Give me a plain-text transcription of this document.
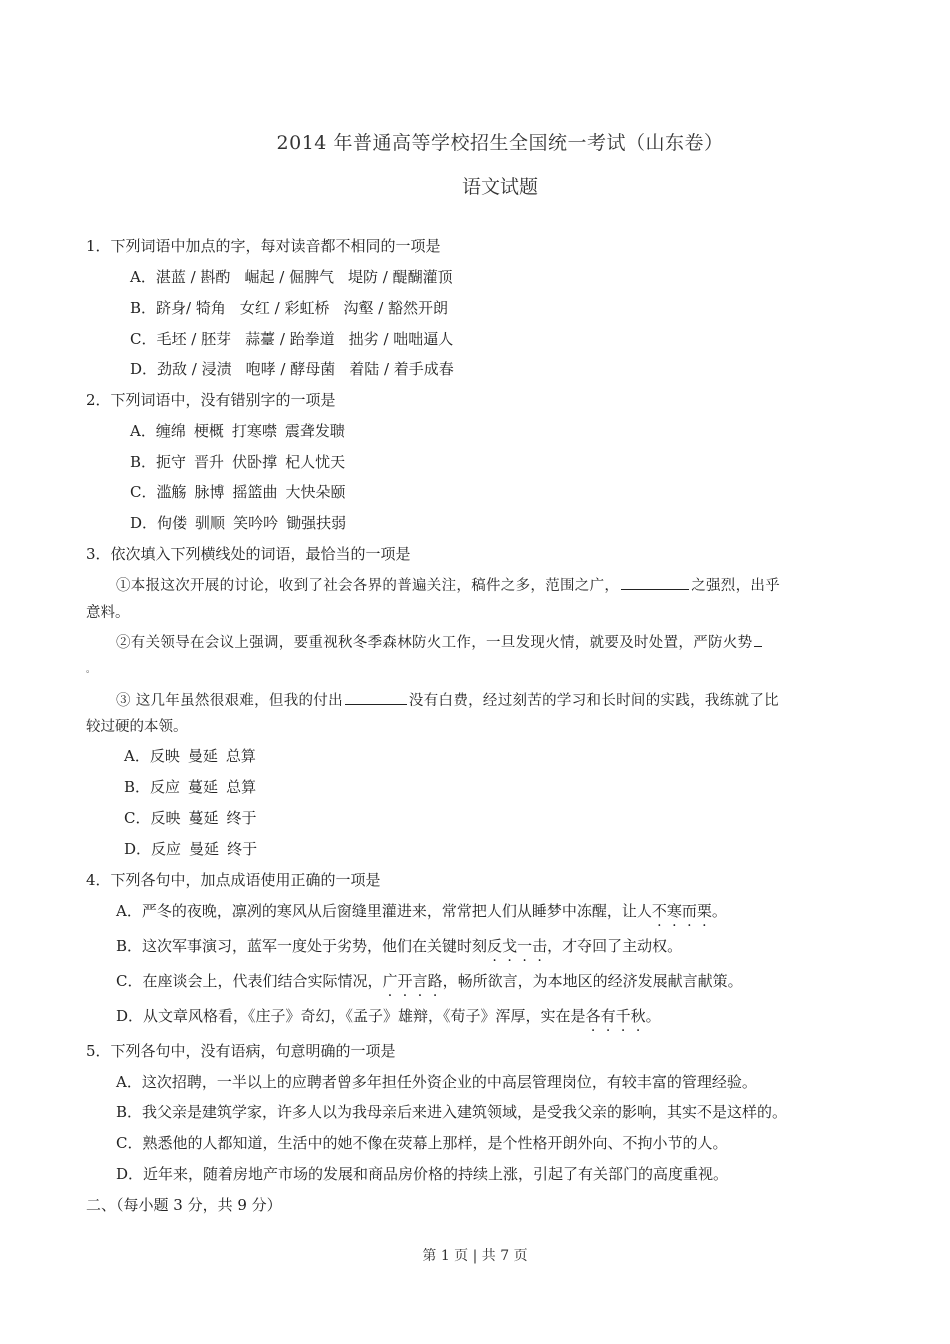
2014 年普通高等学校招生全国统一考试（山东卷）
语文试题
1．下列词语中加点的字，每对读音都不相同的一项是
A．湛蓝 / 斟酌 崛起 / 倔脾气 堤防 / 醍醐灌顶
B．跻身/ 犄角 女红 / 彩虹桥 沟壑 / 豁然开朗
C．毛坯 / 胚芽 蒜薹 / 跆拳道 拙劣 / 咄咄逼人
D．劲敌 / 浸渍 咆哮 / 酵母菌 着陆 / 着手成春
2．下列词语中，没有错别字的一项是
A．缠绵 梗概 打寒噤 震聋发聩
B．扼守 晋升 伏卧撑 杞人忧天
C．滥觞 脉博 摇篮曲 大快朵颐
D．佝偻 驯顺 笑吟吟 锄强扶弱
3．依次填入下列横线处的词语，最恰当的一项是
①本报这次开展的讨论，收到了社会各界的普遍关注，稿件之多，范围之广，	之强烈，出乎
意料。
②有关领导在会议上强调，要重视秋冬季森林防火工作，一旦发现火情，就要及时处置，严防火势
。
③ 这几年虽然很艰难，但我的付出	没有白费，经过刻苦的学习和长时间的实践，我练就了比
较过硬的本领。
A．反映 曼延 总算
B．反应 蔓延 总算
C．反映 蔓延 终于
D．反应 曼延 终于
4．下列各句中，加点成语使用正确的一项是
A．严冬的夜晚，凛冽的寒风从后窗缝里灌进来，常常把人们从睡梦中冻醒，让人不寒而栗。
B．这次军事演习，蓝军一度处于劣势，他们在关键时刻反戈一击，才夺回了主动权。
C．在座谈会上，代表们结合实际情况，广开言路，畅所欲言，为本地区的经济发展献言献策。
D．从文章风格看，《庄子》奇幻，《孟子》雄辩，《荀子》浑厚，实在是各有千秋。
5．下列各句中，没有语病，句意明确的一项是
A．这次招聘，一半以上的应聘者曾多年担任外资企业的中高层管理岗位，有较丰富的管理经验。
B．我父亲是建筑学家，许多人以为我母亲后来进入建筑领域，是受我父亲的影响，其实不是这样的。
C．熟悉他的人都知道，生活中的她不像在荧幕上那样，是个性格开朗外向、不拘小节的人。
D．近年来，随着房地产市场的发展和商品房价格的持续上涨，引起了有关部门的高度重视。
二、（每小题 3 分，共 9 分）
第 1 页 | 共 7 页
